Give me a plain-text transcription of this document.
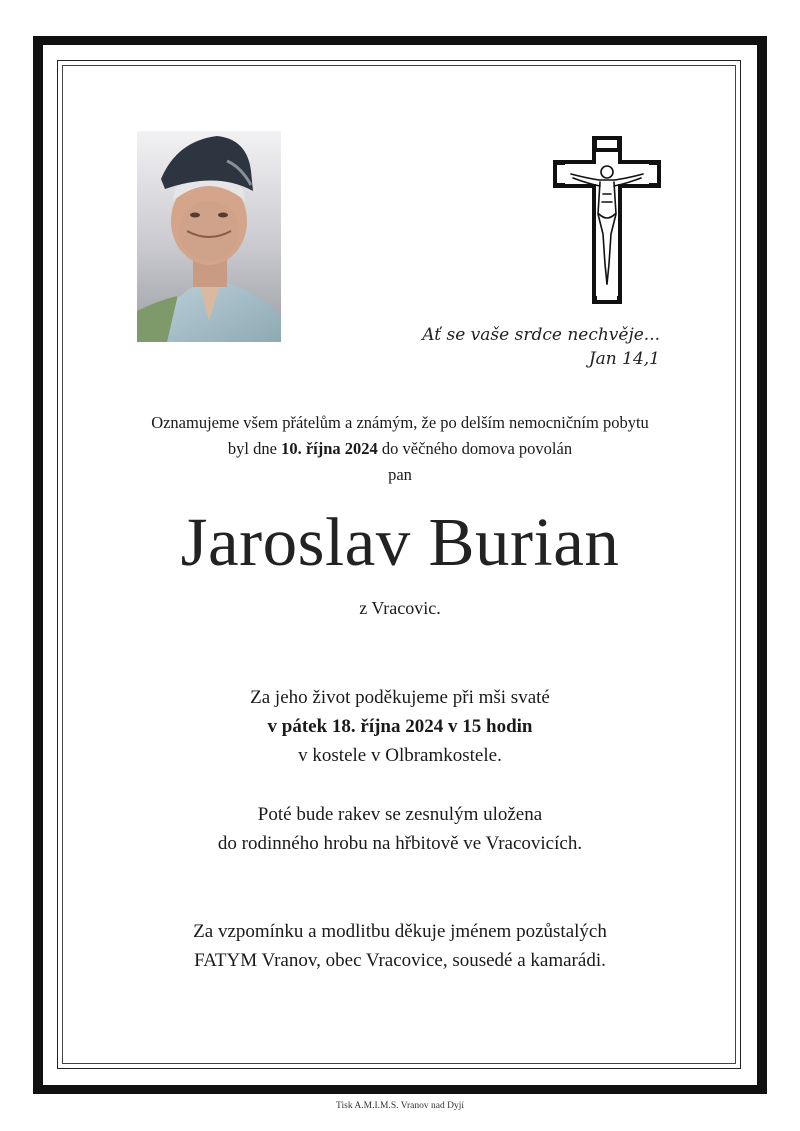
Ať se vaše srdce nechvěje...
Jan 14,1
Oznamujeme všem přátelům a známým, že po delším nemocničním pobytu
byl dne 10. října 2024 do věčného domova povolán
pan
Jaroslav Burian
z Vracovic.
Za jeho život poděkujeme při mši svaté
v pátek 18. října 2024 v 15 hodin
v kostele v Olbramkostele.
Poté bude rakev se zesnulým uložena
do rodinného hrobu na hřbitově ve Vracovicích.
Za vzpomínku a modlitbu děkuje jménem pozůstalých
FATYM Vranov, obec Vracovice, sousedé a kamarádi.
Tisk A.M.I.M.S. Vranov nad Dyjí
